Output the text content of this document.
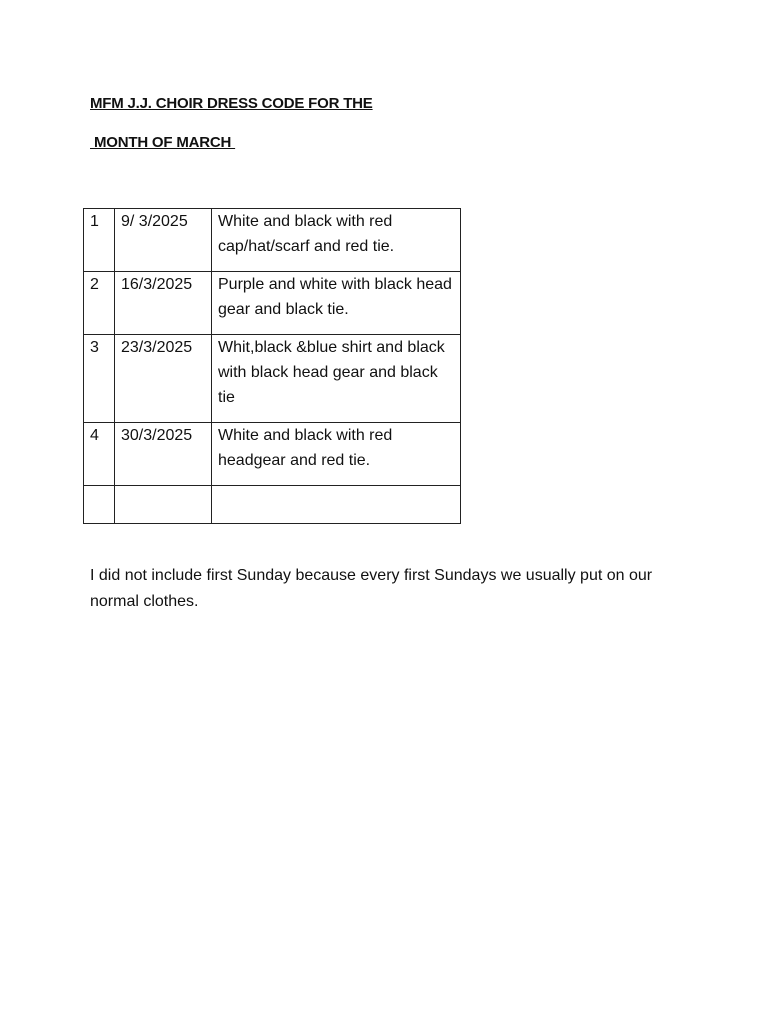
MFM J.J. CHOIR DRESS CODE FOR THE
MONTH OF MARCH
1	9/ 3/2025	White and black with red cap/hat/scarf and red tie.
2	16/3/2025	Purple and white with black head gear and black tie.
3	23/3/2025	Whit,black &blue shirt and black with black head gear and black tie
4	30/3/2025	White and black with red headgear and red tie.

I did not include first Sunday because every first Sundays we usually put on our normal clothes.
